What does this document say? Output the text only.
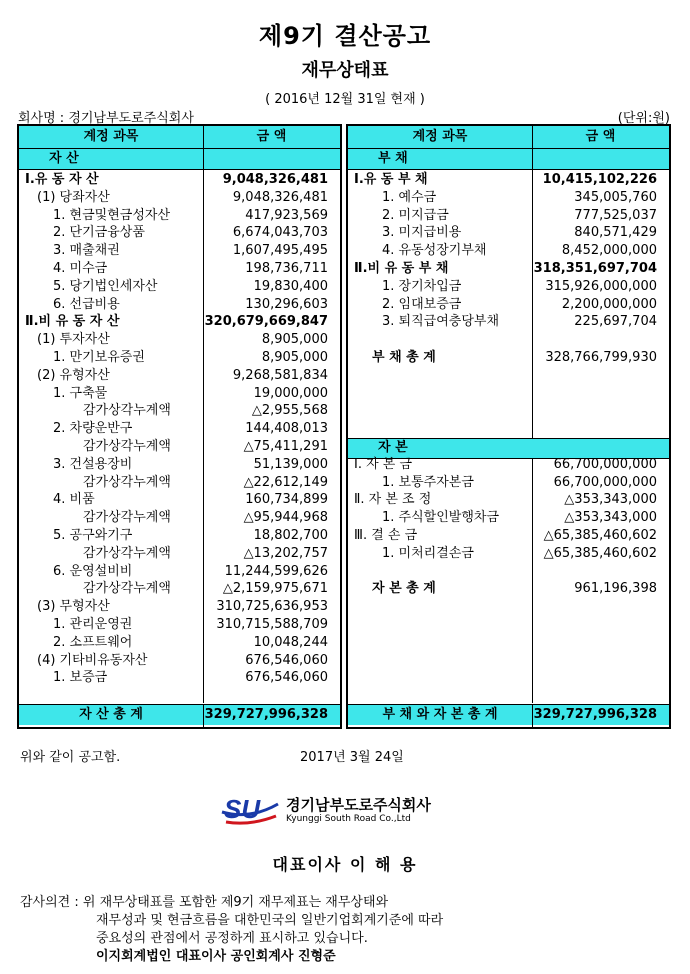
제9기 결산공고
재무상태표
( 2016년 12월 31일 현재 )
회사명 : 경기남부도로주식회사	(단위:원)
계정 과목	금 액	계정 과목	금 액
자 산	부 채
Ⅰ.유 동 자 산	9,048,326,481
(1) 당좌자산	9,048,326,481
1. 현금및현금성자산	417,923,569
2. 단기금융상품	6,674,043,703
3. 매출채권	1,607,495,495
4. 미수금	198,736,711
5. 당기법인세자산	19,830,400
6. 선급비용	130,296,603
Ⅱ.비 유 동 자 산	320,679,669,847
(1) 투자자산	8,905,000
1. 만기보유증권	8,905,000
(2) 유형자산	9,268,581,834
1. 구축물	19,000,000
감가상각누계액	△2,955,568
2. 차량운반구	144,408,013
감가상각누계액	△75,411,291
3. 건설용장비	51,139,000
감가상각누계액	△22,612,149
4. 비품	160,734,899
감가상각누계액	△95,944,968
5. 공구와기구	18,802,700
감가상각누계액	△13,202,757
6. 운영설비비	11,244,599,626
감가상각누계액	△2,159,975,671
(3) 무형자산	310,725,636,953
1. 관리운영권	310,715,588,709
2. 소프트웨어	10,048,244
(4) 기타비유동자산	676,546,060
1. 보증금	676,546,060
Ⅰ.유 동 부 채	10,415,102,226
1. 예수금	345,005,760
2. 미지급금	777,525,037
3. 미지급비용	840,571,429
4. 유동성장기부채	8,452,000,000
Ⅱ.비 유 동 부 채	318,351,697,704
1. 장기차입금	315,926,000,000
2. 임대보증금	2,200,000,000
3. 퇴직급여충당부채	225,697,704
부 채 총 계	328,766,799,930
자 본
Ⅰ. 자 본 금	66,700,000,000
1. 보통주자본금	66,700,000,000
Ⅱ. 자 본 조 정	△353,343,000
1. 주식할인발행차금	△353,343,000
Ⅲ. 결 손 금	△65,385,460,602
1. 미처리결손금	△65,385,460,602
자 본 총 계	961,196,398
자 산 총 계	329,727,996,328	부 채 와 자 본 총 계	329,727,996,328
위와 같이 공고함.	2017년 3월 24일
SU 경기남부도로주식회사
Kyunggi South Road Co.,Ltd
대표이사 이 해 용
감사의견 : 위 재무상태표를 포함한 제9기 재무제표는 재무상태와
재무성과 및 현금흐름을 대한민국의 일반기업회계기준에 따라
중요성의 관점에서 공정하게 표시하고 있습니다.
이지회계법인 대표이사 공인회계사 진형준
